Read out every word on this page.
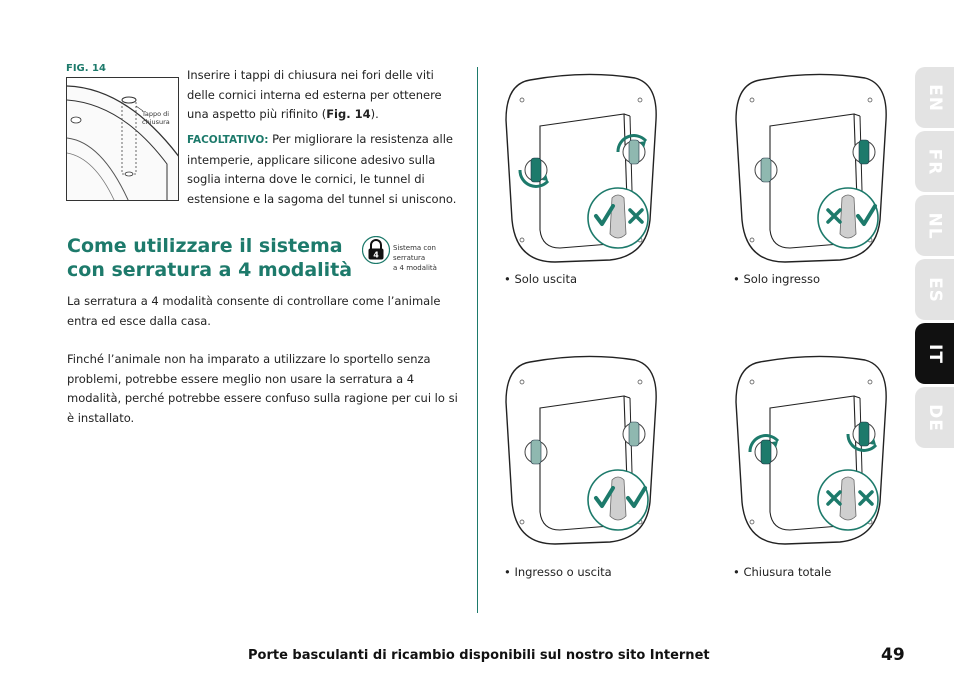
FIG. 14
Tappo di
chiusura
Inserire i tappi di chiusura nei fori delle viti delle cornici interna ed esterna per ottenere una aspetto più rifinito (Fig. 14).
FACOLTATIVO: Per migliorare la resistenza alle intemperie, applicare silicone adesivo sulla soglia interna dove le cornici, le tunnel di estensione e la sagoma del tunnel si uniscono.
Come utilizzare il sistema
con serratura a 4 modalità
4
Sistema con serratura
a 4 modalità
La serratura a 4 modalità consente di controllare come l’animale entra ed esce dalla casa.
Finché l’animale non ha imparato a utilizzare lo sportello senza problemi, potrebbe essere meglio non usare la serratura a 4 modalità, perché potrebbe essere confuso sulla ragione per cui lo si è installato.
• Solo uscita	• Solo ingresso
• Ingresso o uscita	• Chiusura totale
EN
FR
NL
ES
IT
DE
Porte basculanti di ricambio disponibili sul nostro sito Internet	49
